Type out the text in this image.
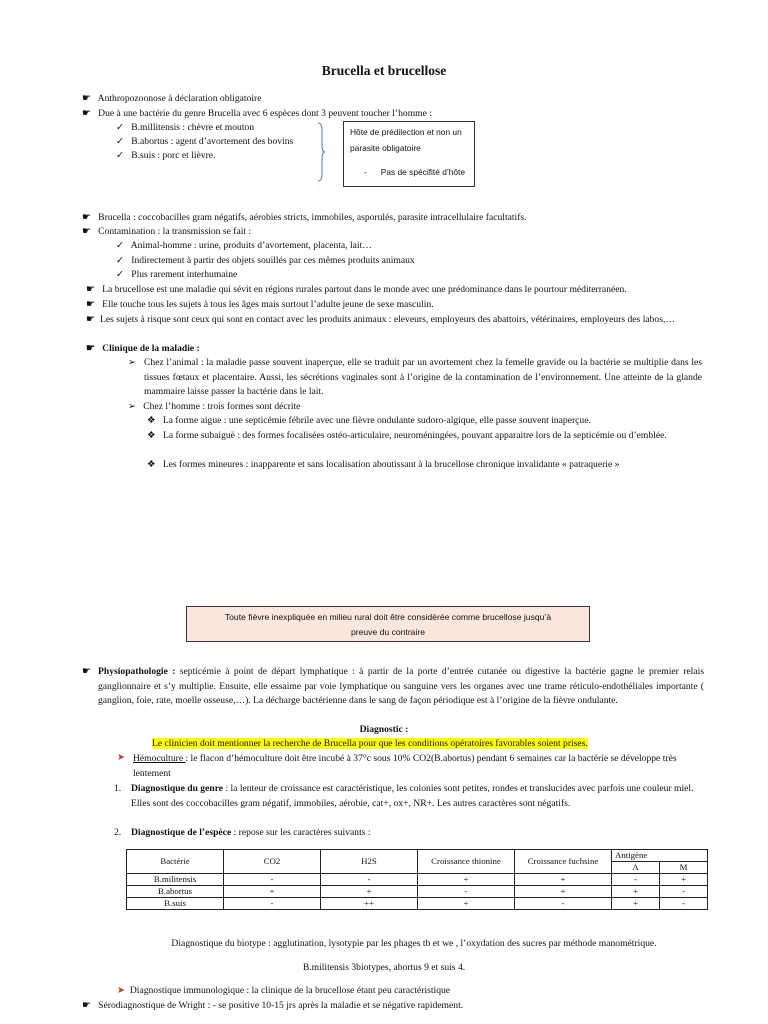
Brucella et brucellose
☛ Anthropozoonose à déclaration obligatoire
☛ Due à une bactérie du genre Brucella avec 6 espèces dont 3 peuvent toucher l’homme :
✓ B.millitensis : chèvre et mouton
✓ B.abortus : agent d’avortement des bovins
✓ B.suis : porc et lièvre.
Hôte de prédilection et non un
parasite obligatoire
-      Pas de spécifité d’hôte
☛ Brucella : coccobacilles gram négatifs, aérobies stricts, immobiles, asporulés, parasite intracellulaire facultatifs.
☛ Contamination : la transmission se fait :
✓ Animal-homme : urine, produits d’avortement, placenta, lait…
✓ Indirectement à partir des objets souillés par ces mêmes produits animaux
✓ Plus rarement interhumaine
☛ La brucellose est une maladie qui sévit en régions rurales partout dans le monde avec une prédominance dans le pourtour méditerranéen.
☛ Elle touche tous les sujets à tous les âges mais surtout l’adulte jeune de sexe masculin.
☛ Les sujets à risque sont ceux qui sont en contact avec les produits animaux : eleveurs, employeurs des abattoirs, vétérinaires, employeurs des labos,…
☛ Clinique de la maladie :
➢ Chez l’animal : la maladie passe souvent inaperçue, elle se traduit par un avortement chez la femelle gravide ou la bactérie se multiplie dans les tissues fœtaux et placentaire. Aussi, les sécrétions vaginales sont à l’origine de la contamination de l’environnement. Une atteinte de la glande mammaire laisse passer la bactérie dans le lait.
➢ Chez l’homme : trois formes sont décrite
❖ La forme aigue : une septicémie fébrile avec une fièvre ondulante sudoro-algique, elle passe souvent inaperçue.
❖ La forme subaiguë : des formes focalisées ostéo-articulaire, neuroméningées, pouvant apparaitre lors de la septicémie ou d’emblée.
❖ Les formes mineures : inapparente et sans localisation aboutissant à la brucellose chronique invalidante « patraquerie »
Toute fièvre inexpliquée en milieu rural doit être considérée comme brucellose jusqu’à
preuve du contraire
☛ Physiopathologie : septicémie à point de départ lymphatique : à partir de la porte d’entrée cutanée ou digestive la bactérie gagne le premier relais ganglionnaire et s’y multiplie. Ensuite, elle essaime par voie lymphatique ou sanguine vers les organes avec une trame réticulo-endothéliales importante ( ganglion, foie, rate, moelle osseuse,…). La décharge bactérienne dans le sang de façon périodique est à l’origine de la fièvre ondulante.
Diagnostic :
Le clinicien doit mentionner la recherche de Brucella pour que les conditions opératoires favorables soient prises.
➤ Hémoculture : le flacon d’hémoculture doit être incubé à 37°c sous 10% CO2(B.abortus) pendant 6 semaines car la bactérie se développe très lentement
1. Diagnostique du genre : la lenteur de croissance est caractéristique, les colonies sont petites, rondes et translucides avec parfois une couleur miel. Elles sont des coccobacilles gram négatif, immobiles, aérobie, cat+, ox+, NR+. Les autres caractères sont négatifs.
2. Diagnostique de l’espèce : repose sur les caractères suivants :
Bactérie	CO2	H2S	Croissance thionine	Croissance fuchsine	Antigène	
					A	M
B.militensis	-	-	+	+	-	+
B.abortus	+	+	-	+	+	-
B.suis	-	++	+	-	+	-
Diagnostique du biotype : agglutination, lysotypie par les phages tb et we , l’oxydation des sucres par méthode manométrique.
B.militensis 3biotypes, abortus 9 et suis 4.
➤ Diagnostique immunologique : la clinique de la brucellose étant peu caractéristique
☛ Sérodiagnostique de Wright : - se positive 10-15 jrs après la maladie et se négative rapidement.
